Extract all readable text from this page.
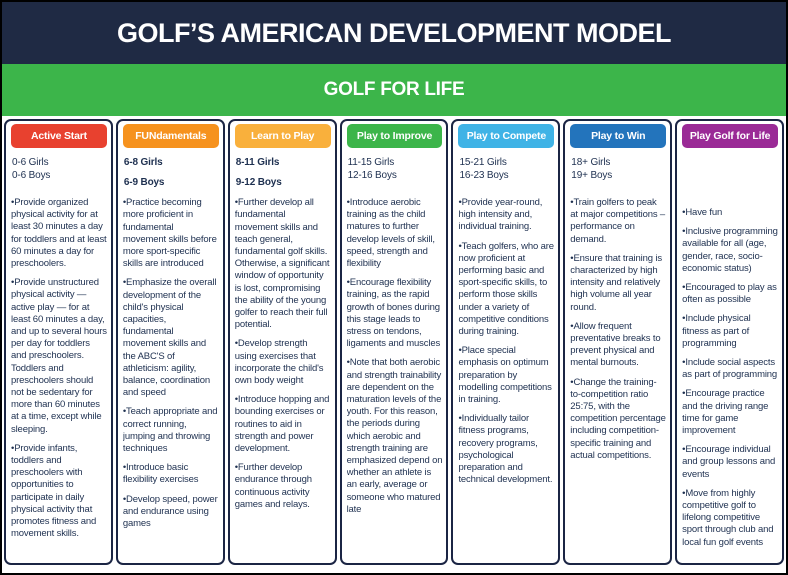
GOLF’S AMERICAN DEVELOPMENT MODEL
GOLF FOR LIFE
Active Start

0-6 Girls

0-6 Boys

• Provide organized physical activity for at least 30 minutes a day for toddlers and at least 60 minutes a day for preschoolers.

• Provide unstructured physical activity — active play — for at least 60 minutes a day, and up to several hours per day for toddlers and preschoolers. Toddlers and preschoolers should not be sedentary for more than 60 minutes at a time, except while sleeping.

• Provide infants, toddlers and preschoolers with opportunities to participate in daily physical activity that promotes fitness and movement skills.

FUNdamentals

6-8 Girls

6-9 Boys

• Practice becoming more proficient in fundamental movement skills before more sport-specific skills are introduced

• Emphasize the overall development of the child's physical capacities, fundamental movement skills and the ABC'S of athleticism: agility, balance, coordination and speed

• Teach appropriate and correct running, jumping and throwing techniques

• Introduce basic flexibility exercises

• Develop speed, power and endurance using games

Learn to Play

8-11 Girls

9-12 Boys

• Further develop all fundamental movement skills and teach general, fundamental golf skills. Otherwise, a significant window of opportunity is lost, compromising the ability of the young golfer to reach their full potential.

• Develop strength using exercises that incorporate the child's own body weight

• Introduce hopping and bounding exercises or routines to aid in strength and power development.

• Further develop endurance through continuous activity games and relays.

Play to Improve

11-15 Girls

12-16 Boys

• Introduce aerobic training as the child matures to further develop levels of skill, speed, strength and flexibility

• Encourage flexibility training, as the rapid growth of bones during this stage leads to stress on tendons, ligaments and muscles

• Note that both aerobic and strength trainability are dependent on the maturation levels of the youth. For this reason, the periods during which aerobic and strength training are emphasized depend on whether an athlete is an early, average or someone who matured late

Play to Compete

15-21 Girls

16-23 Boys

• Provide year-round, high intensity and, individual training.

• Teach golfers, who are now proficient at performing basic and sport-specific skills, to perform those skills under a variety of competitive conditions during training.

• Place special emphasis on optimum preparation by modelling competitions in training.

• Individually tailor fitness programs, recovery programs, psychological preparation and technical development.

Play to Win

18+ Girls

19+ Boys

• Train golfers to peak at major competitions – performance on demand.

• Ensure that training is characterized by high intensity and relatively high volume all year round.

• Allow frequent preventative breaks to prevent physical and mental burnouts.

• Change the training-to-competition ratio 25:75, with the competition percentage including competition-specific training and actual competitions.

Play Golf for Life

• Have fun

• Inclusive programming available for all (age, gender, race, socio-economic status)

• Encouraged to play as often as possible

• Include physical fitness as part of programming

• Include social aspects as part of programming

• Encourage practice and the driving range time for game improvement

• Encourage individual and group lessons and events

• Move from highly competitive golf to lifelong competitive sport through club and local fun golf events
